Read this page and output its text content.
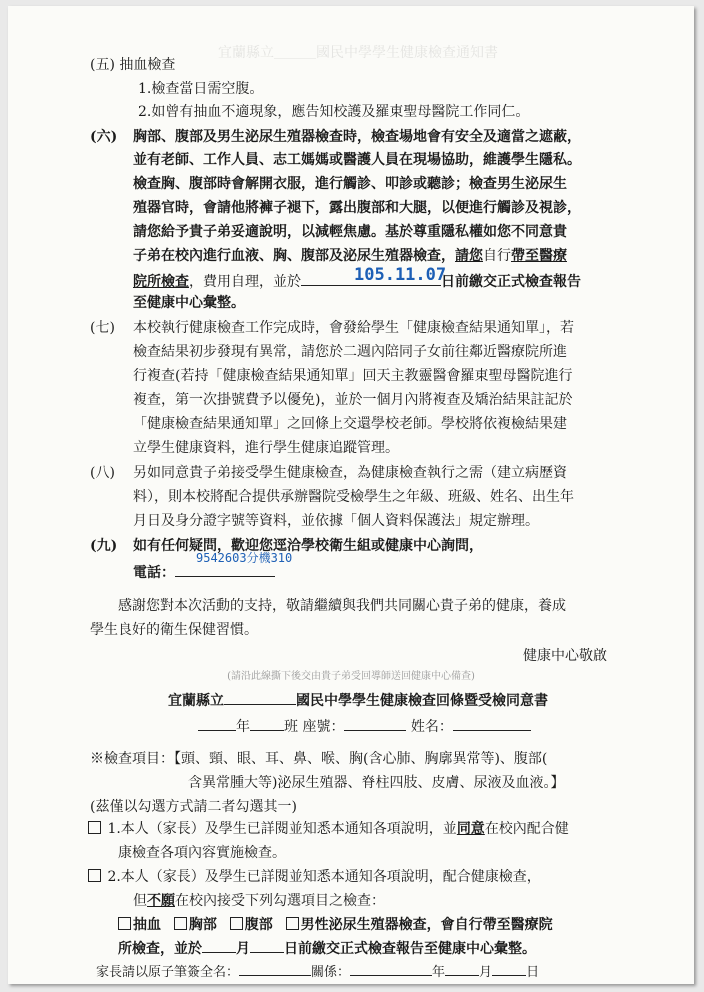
宜蘭縣立＿＿＿國民中學學生健康檢查通知書
(五) 抽血檢查
1.檢查當日需空腹。
2.如曾有抽血不適現象，應告知校護及羅東聖母醫院工作同仁。
(六) 胸部、腹部及男生泌尿生殖器檢查時，檢查場地會有安全及適當之遮蔽，
並有老師、工作人員、志工媽媽或醫護人員在現場協助，維護學生隱私。
檢查胸、腹部時會解開衣服，進行觸診、叩診或聽診；檢查男生泌尿生
殖器官時，會請他將褲子褪下，露出腹部和大腿，以便進行觸診及視診，
請您給予貴子弟妥適說明，以減輕焦慮。基於尊重隱私權如您不同意貴
子弟在校內進行血液、胸、腹部及泌尿生殖器檢查，請您自行帶至醫療
院所檢查，費用自理，並於	日前繳交正式檢查報告
105.11.07
至健康中心彙整。
(七) 本校執行健康檢查工作完成時，會發給學生「健康檢查結果通知單」，若
檢查結果初步發現有異常，請您於二週內陪同子女前往鄰近醫療院所進
行複查(若持「健康檢查結果通知單」回天主教靈醫會羅東聖母醫院進行
複查，第一次掛號費予以優免)，並於一個月內將複查及矯治結果註記於
「健康檢查結果通知單」之回條上交還學校老師。學校將依複檢結果建
立學生健康資料，進行學生健康追蹤管理。
(八) 另如同意貴子弟接受學生健康檢查，為健康檢查執行之需（建立病歷資
料），則本校將配合提供承辦醫院受檢學生之年級、班級、姓名、出生年
月日及身分證字號等資料，並依據「個人資料保護法」規定辦理。
(九) 如有任何疑問，歡迎您逕洽學校衛生組或健康中心詢問，
電話：
9542603分機310
感謝您對本次活動的支持，敬請繼續與我們共同關心貴子弟的健康，養成
學生良好的衛生保健習慣。
健康中心敬啟
(請沿此線撕下後交由貴子弟受回導師送回健康中心備查)
宜蘭縣立	國民中學學生健康檢查回條暨受檢同意書
年 班 座號：	姓名：
※檢查項目：【頭、頸、眼、耳、鼻、喉、胸(含心肺、胸廓異常等)、腹部(
含異常腫大等)泌尿生殖器、脊柱四肢、皮膚、尿液及血液。】
(茲僅以勾選方式請二者勾選其一)
1.本人（家長）及學生已詳閱並知悉本通知各項說明，並同意在校內配合健
康檢查各項內容實施檢查。
2.本人（家長）及學生已詳閱並知悉本通知各項說明，配合健康檢查，
但不願在校內接受下列勾選項目之檢查：
抽血 胸部 腹部 男性泌尿生殖器檢查，會自行帶至醫療院
所檢查，並於 月 日前繳交正式檢查報告至健康中心彙整。
家長請以原子筆簽全名：	關係：	年	月	日
